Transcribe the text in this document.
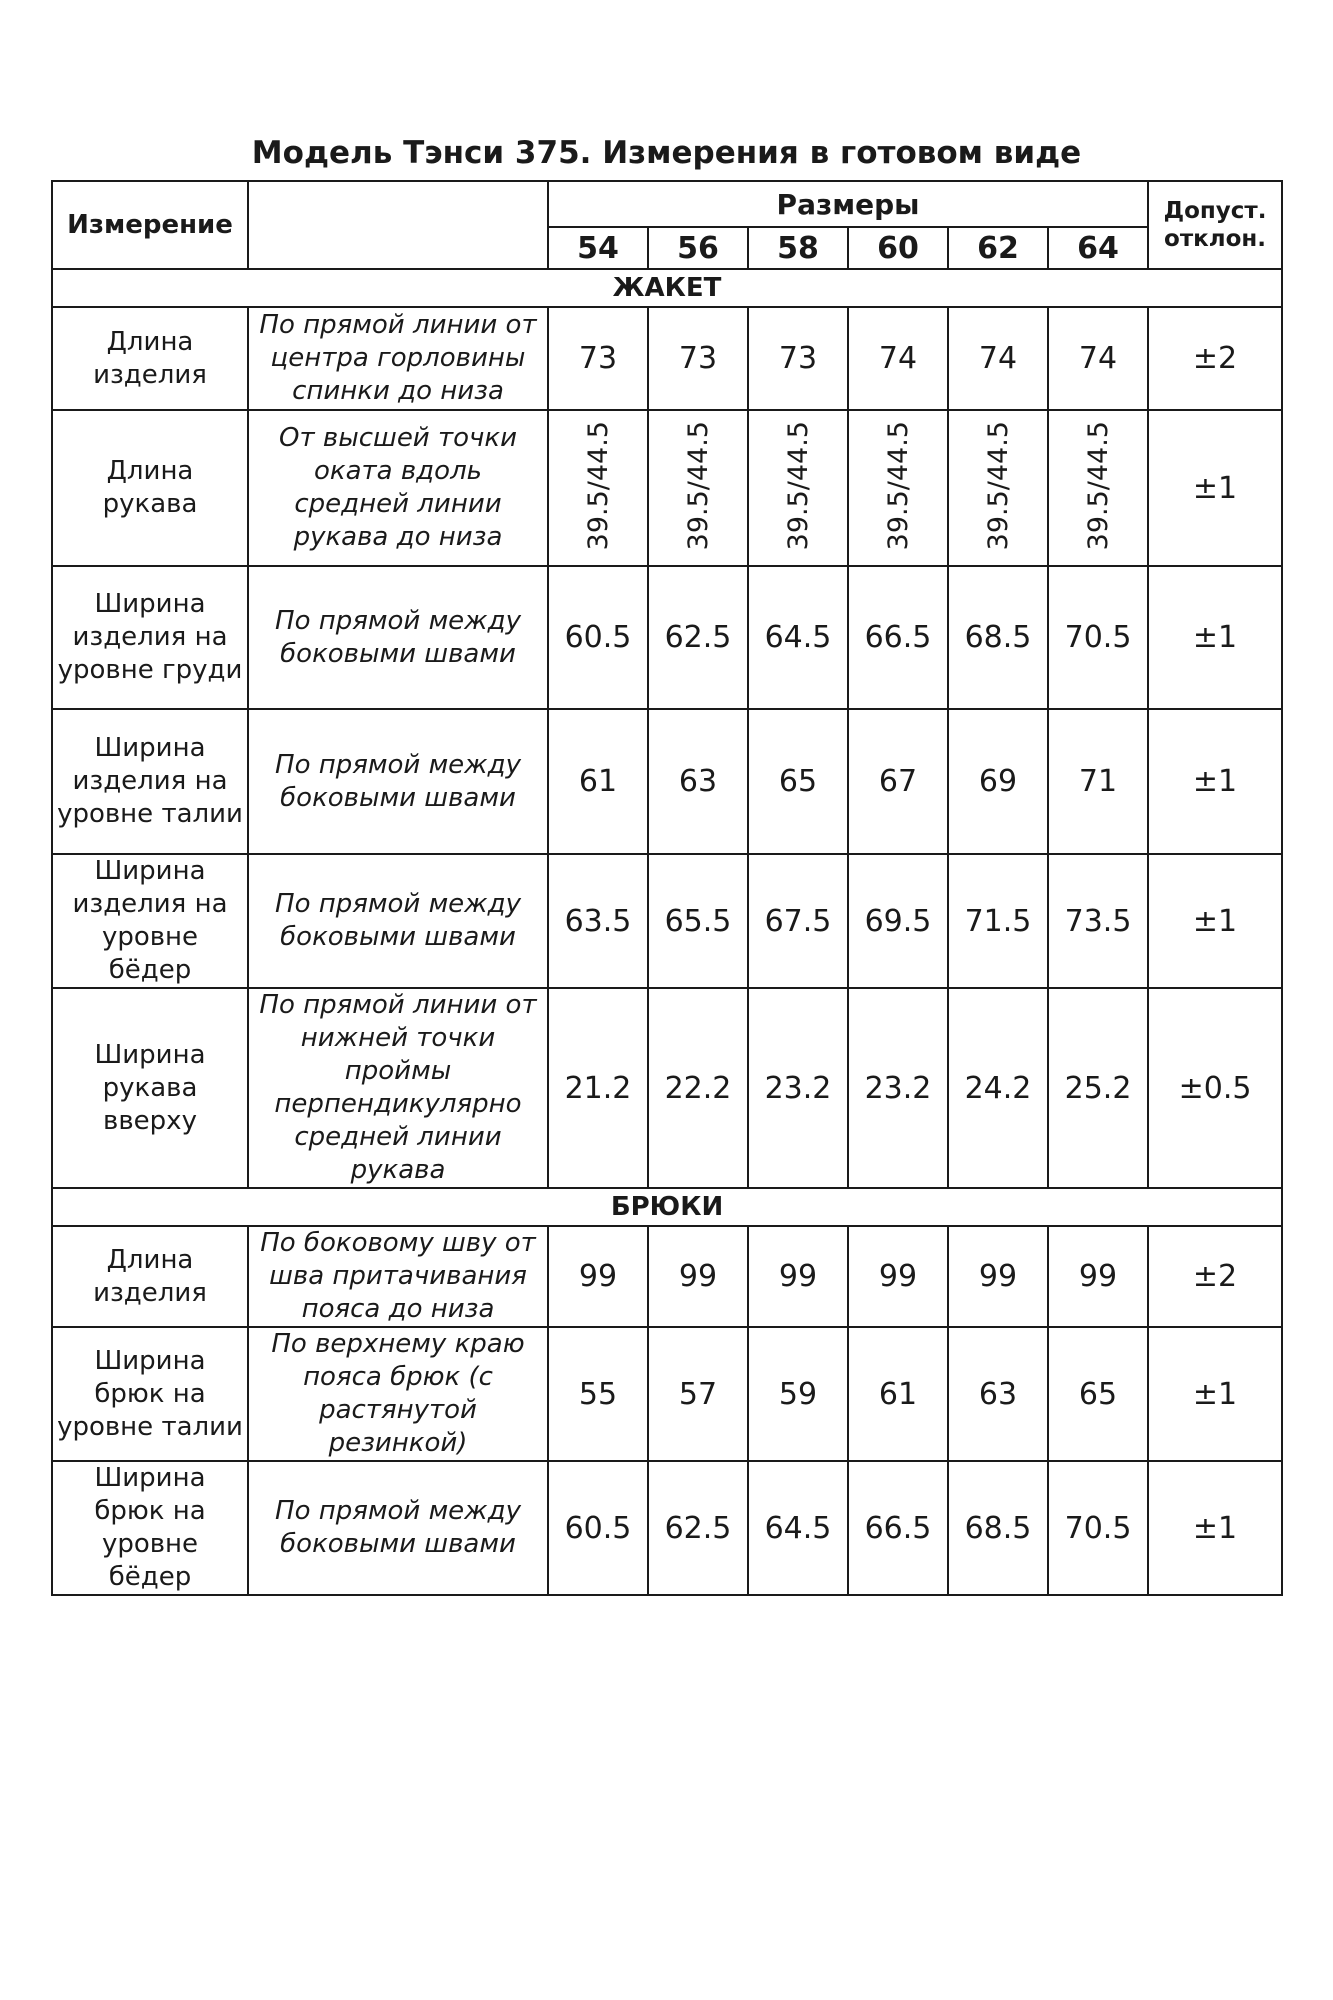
Модель Тэнси 375. Измерения в готовом виде
Измерение		Размеры						Допуст. отклон.
		54	56	58	60	62	64	
ЖАКЕТ								
Длина изделия	По прямой линии от центра горловины спинки до низа	73	73	73	74	74	74	±2
Длина рукава	От высшей точки оката вдоль средней линии рукава до низа	39.5/44.5	39.5/44.5	39.5/44.5	39.5/44.5	39.5/44.5	39.5/44.5	±1
Ширина изделия на уровне груди	По прямой между боковыми швами	60.5	62.5	64.5	66.5	68.5	70.5	±1
Ширина изделия на уровне талии	По прямой между боковыми швами	61	63	65	67	69	71	±1
Ширина изделия на уровне бёдер	По прямой между боковыми швами	63.5	65.5	67.5	69.5	71.5	73.5	±1
Ширина рукава вверху	По прямой линии от нижней точки проймы перпендикулярно средней линии рукава	21.2	22.2	23.2	23.2	24.2	25.2	±0.5
БРЮКИ								
Длина изделия	По боковому шву от шва притачивания пояса до низа	99	99	99	99	99	99	±2
Ширина брюк на уровне талии	По верхнему краю пояса брюк (с растянутой резинкой)	55	57	59	61	63	65	±1
Ширина брюк на уровне бёдер	По прямой между боковыми швами	60.5	62.5	64.5	66.5	68.5	70.5	±1
